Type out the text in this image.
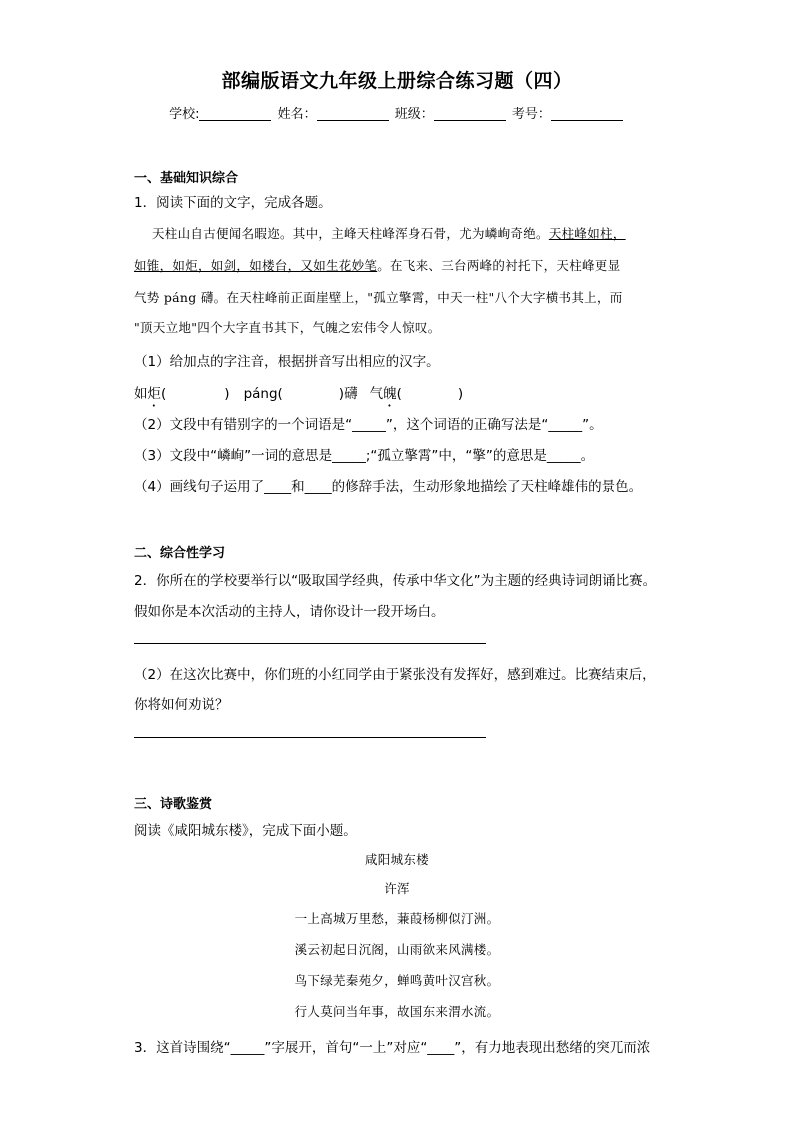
部编版语文九年级上册综合练习题（四）
学校:	姓名：	班级：	考号：
一、基础知识综合
1．阅读下面的文字，完成各题。
天柱山自古便闻名暇迩。其中，主峰天柱峰浑身石骨，尤为嶙峋奇绝。天柱峰如柱，
如锥，如炬，如剑，如楼台，又如生花妙笔。在飞来、三台两峰的衬托下，天柱峰更显
气势 páng 礴。在天柱峰前正面崖壁上，"孤立擎霄，中天一柱"八个大字横书其上，而
"顶天立地"四个大字直书其下，气魄之宏伟令人惊叹。
（1）给加点的字注音，根据拼音写出相应的汉字。
如炬(	) páng(	)礴 气魄(	)
（2）文段中有错别字的一个词语是“_____”，这个词语的正确写法是“_____”。
（3）文段中“嶙峋”一词的意思是_____;“孤立擎霄”中，“擎”的意思是_____。
（4）画线句子运用了____和____的修辞手法，生动形象地描绘了天柱峰雄伟的景色。
二、综合性学习
2．你所在的学校要举行以“吸取国学经典，传承中华文化”为主题的经典诗词朗诵比赛。
假如你是本次活动的主持人，请你设计一段开场白。
（2）在这次比赛中，你们班的小红同学由于紧张没有发挥好，感到难过。比赛结束后，
你将如何劝说？
三、诗歌鉴赏
阅读《咸阳城东楼》，完成下面小题。
咸阳城东楼
许浑
一上高城万里愁，蒹葭杨柳似汀洲。
溪云初起日沉阁，山雨欲来风满楼。
鸟下绿芜秦苑夕，蝉鸣黄叶汉宫秋。
行人莫问当年事，故国东来渭水流。
3．这首诗围绕“_____”字展开，首句“一上”对应“____”，有力地表现出愁绪的突兀而浓
